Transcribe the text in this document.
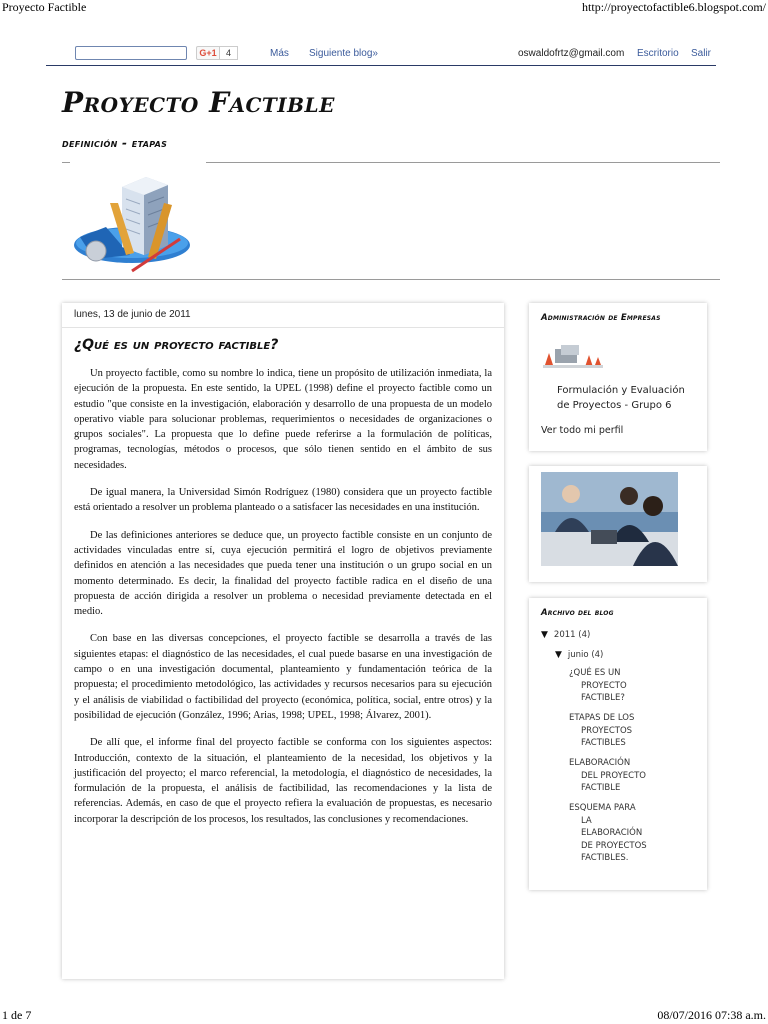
Proyecto Factible	http://proyectofactible6.blogspot.com/
G+1	4	Más Siguiente blog»	oswaldofrtz@gmail.com Escritorio Salir
Proyecto Factible
definición - etapas
lunes, 13 de junio de 2011
¿Qué es un proyecto factible?

Un proyecto factible, como su nombre lo indica, tiene un propósito de utilización inmediata, la ejecución de la propuesta. En este sentido, la UPEL (1998) define el proyecto factible como un estudio "que consiste en la investigación, elaboración y desarrollo de una propuesta de un modelo operativo viable para solucionar problemas, requerimientos o necesidades de organizaciones o grupos sociales". La propuesta que lo define puede referirse a la formulación de políticas, programas, tecnologías, métodos o procesos, que sólo tienen sentido en el ámbito de sus necesidades.

De igual manera, la Universidad Simón Rodríguez (1980) considera que un proyecto factible está orientado a resolver un problema planteado o a satisfacer las necesidades en una institución.

De las definiciones anteriores se deduce que, un proyecto factible consiste en un conjunto de actividades vinculadas entre sí, cuya ejecución permitirá el logro de objetivos previamente definidos en atención a las necesidades que pueda tener una institución o un grupo social en un momento determinado. Es decir, la finalidad del proyecto factible radica en el diseño de una propuesta de acción dirigida a resolver un problema o necesidad previamente detectada en el medio.

Con base en las diversas concepciones, el proyecto factible se desarrolla a través de las siguientes etapas: el diagnóstico de las necesidades, el cual puede basarse en una investigación de campo o en una investigación documental, planteamiento y fundamentación teórica de la propuesta; el procedimiento metodológico, las actividades y recursos necesarios para su ejecución y el análisis de viabilidad o factibilidad del proyecto (económica, política, social, entre otros) y la posibilidad de ejecución (González, 1996; Arias, 1998; UPEL, 1998; Álvarez, 2001).

De allí que, el informe final del proyecto factible se conforma con los siguientes aspectos: Introducción, contexto de la situación, el planteamiento de la necesidad, los objetivos y la justificación del proyecto; el marco referencial, la metodología, el diagnóstico de necesidades, la formulación de la propuesta, el análisis de factibilidad, las recomendaciones y la lista de referencias. Además, en caso de que el proyecto refiera la evaluación de propuestas, es necesario incorporar la descripción de los procesos, los resultados, las conclusiones y recomendaciones.

Administración de Empresas
Formulación y Evaluación de Proyectos - Grupo 6
Ver todo mi perfil
Archivo del blog
▼ 2011 (4)
▼ junio (4)
¿QUÉ ES UN
PROYECTO
FACTIBLE?
ETAPAS DE LOS
PROYECTOS
FACTIBLES
ELABORACIÓN
DEL PROYECTO
FACTIBLE
ESQUEMA PARA
LA
ELABORACIÓN
DE PROYECTOS
FACTIBLES.
1 de 7	08/07/2016 07:38 a.m.
